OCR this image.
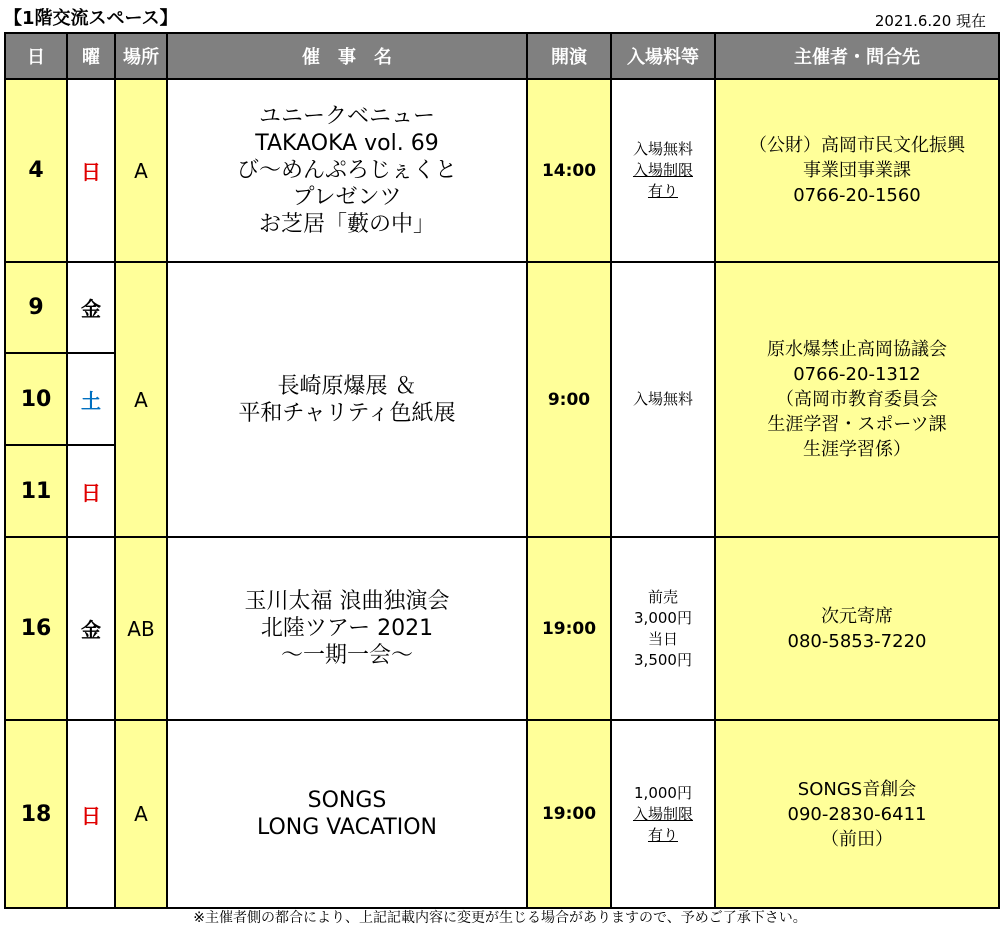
【1階交流スペース】	2021.6.20 現在
日	曜	場所	催　事　名	開演	入場料等	主催者・問合先
4	日	A	ユニークベニュー
TAKAOKA vol. 69
び～めんぷろじぇくと
プレゼンツ
お芝居「藪の中」	14:00	入場無料
入場制限
有り	（公財）高岡市民文化振興
事業団事業課
0766-20-1560

9	金	A	長崎原爆展 ＆
平和チャリティ色紙展	9:00	入場無料	原水爆禁止高岡協議会
0766-20-1312
（高岡市教育委員会
生涯学習・スポーツ課
生涯学習係）

10	土					
11	日					
16	金	AB	玉川太福 浪曲独演会
北陸ツアー 2021
～一期一会～	19:00	前売
3,000円
当日
3,500円	次元寄席
080-5853-7220

18	日	A	SONGS
LONG VACATION	19:00	1,000円
入場制限
有り	SONGS音創会
090-2830-6411
（前田）
※主催者側の都合により、上記記載内容に変更が生じる場合がありますので、予めご了承下さい。
